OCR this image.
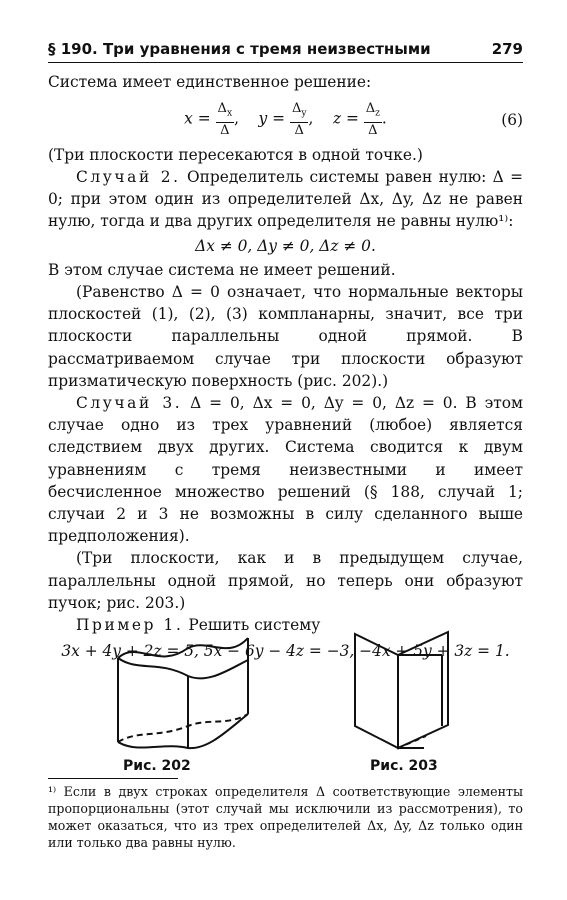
§ 190. Три уравнения с тремя неизвестными	279

Система имеет единственное решение:

$x = \frac{\Delta_x}{\Delta}$ ,    $y = \frac{\Delta_y}{\Delta}$ ,    $z = \frac{\Delta_z}{\Delta}$ .	(6)

(Три плоскости пересекаются в одной точке.)

Случай 2. Определитель системы равен нулю: Δ = 0; при этом один из определителей Δx, Δy, Δz не равен нулю, тогда и два других определителя не равны нулю¹⁾:

Δx ≠ 0, Δy ≠ 0, Δz ≠ 0.

В этом случае система не имеет решений.

(Равенство Δ = 0 означает, что нормальные векторы плоскостей (1), (2), (3) компланарны, значит, все три плоскости параллельны одной прямой. В рассматриваемом случае три плоскости образуют призматическую поверхность (рис. 202).)

Случай 3. Δ = 0, Δx = 0, Δy = 0, Δz = 0. В этом случае одно из трех уравнений (любое) является следствием двух других. Система сводится к двум уравнениям с тремя неизвестными и имеет бесчисленное множество решений (§ 188, случай 1; случаи 2 и 3 не возможны в силу сделанного выше предположения).

(Три плоскости, как и в предыдущем случае, параллельны одной прямой, но теперь они образуют пучок; рис. 203.)

Пример 1. Решить систему

3x + 4y + 2z = 5, 5x − 6y − 4z = −3, −4x + 5y + 3z = 1.

Рис. 202	Рис. 203

¹⁾ Если в двух строках определителя Δ соответствующие элементы пропорциональны (этот случай мы исключили из рассмотрения), то может оказаться, что из трех определителей Δx, Δy, Δz только один или только два равны нулю.
